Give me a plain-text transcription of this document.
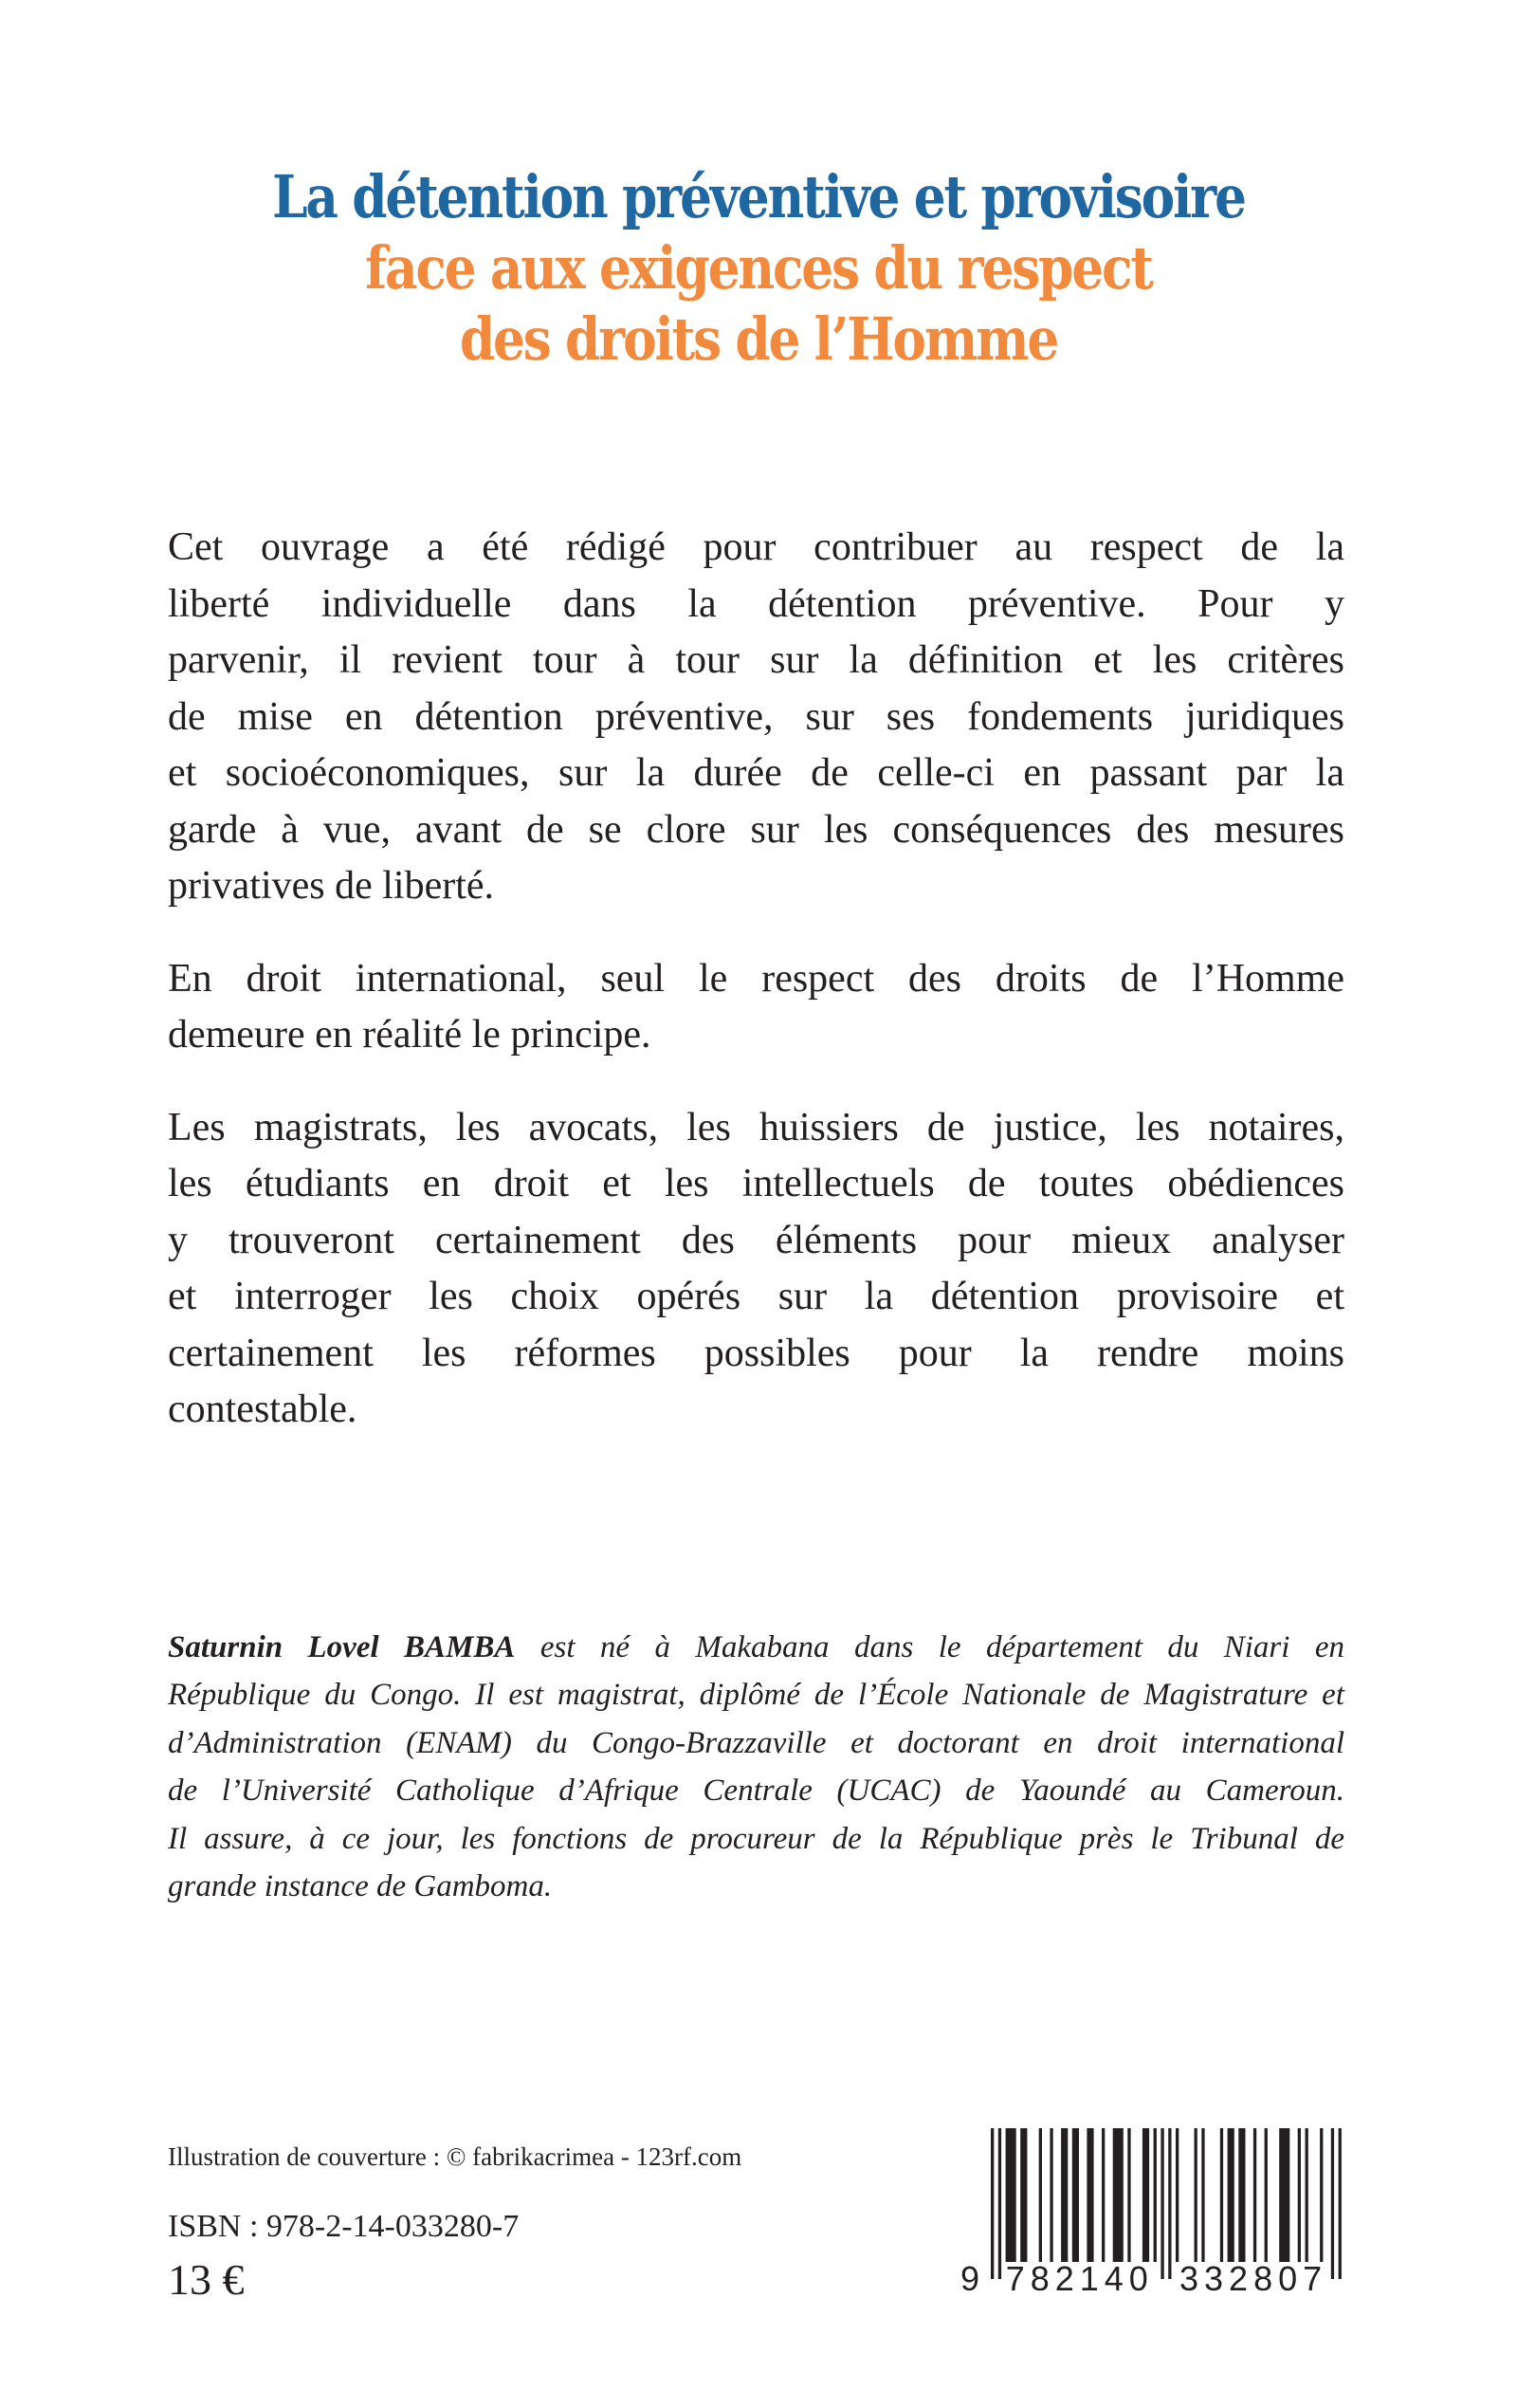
La détention préventive et provisoire
face aux exigences du respect
des droits de l’Homme

Cet ouvrage a été rédigé pour contribuer au respect de la
liberté individuelle dans la détention préventive. Pour y
parvenir, il revient tour à tour sur la définition et les critères
de mise en détention préventive, sur ses fondements juridiques
et socioéconomiques, sur la durée de celle-ci en passant par la
garde à vue, avant de se clore sur les conséquences des mesures
privatives de liberté.

En droit international, seul le respect des droits de l’Homme
demeure en réalité le principe.

Les magistrats, les avocats, les huissiers de justice, les notaires,
les étudiants en droit et les intellectuels de toutes obédiences
y trouveront certainement des éléments pour mieux analyser
et interroger les choix opérés sur la détention provisoire et
certainement les réformes possibles pour la rendre moins
contestable.

Saturnin Lovel BAMBA est né à Makabana dans le département du Niari en
République du Congo. Il est magistrat, diplômé de l’École Nationale de Magistrature et
d’Administration (ENAM) du Congo-Brazzaville et doctorant en droit international
de l’Université Catholique d’Afrique Centrale (UCAC) de Yaoundé au Cameroun.
Il assure, à ce jour, les fonctions de procureur de la République près le Tribunal de
grande instance de Gamboma.
Illustration de couverture : © fabrikacrimea - 123rf.com
ISBN : 978-2-14-033280-7
13 €	9 782140 332807
